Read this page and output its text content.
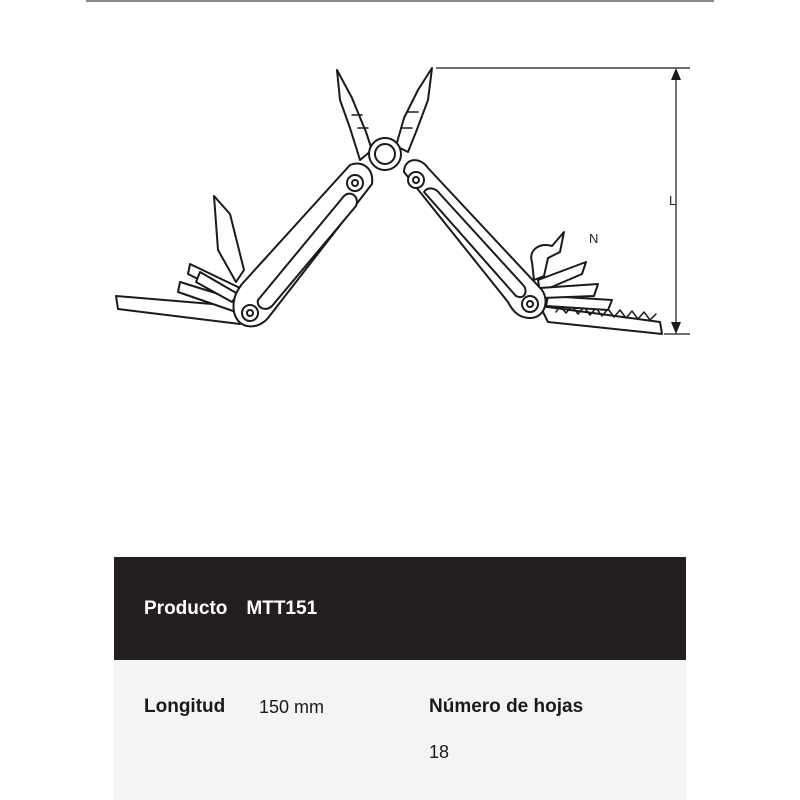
L
N
Producto MTT151
Longitud 150 mm	Número de hojas
18
